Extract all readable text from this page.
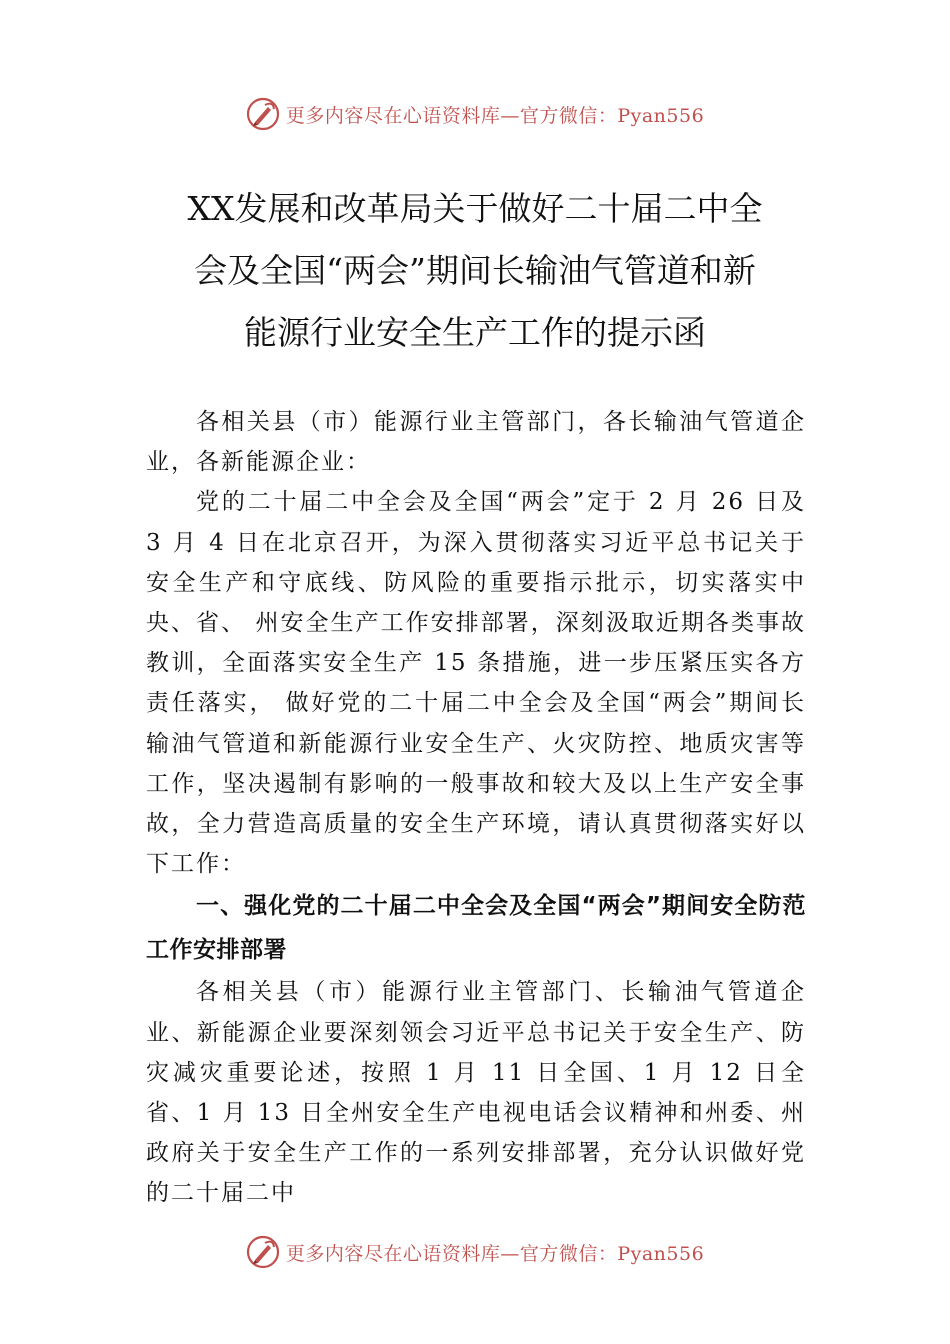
更多内容尽在心语资料库—官方微信：Pyan556
XX发展和改革局关于做好二十届二中全
会及全国“两会”期间长输油气管道和新
能源行业安全生产工作的提示函

各相关县（市）能源行业主管部门，各长输油气管道企业，各新能源企业：

党的二十届二中全会及全国“两会”定于 2 月 26 日及 3 月 4 日在北京召开，为深入贯彻落实习近平总书记关于安全生产和守底线、防风险的重要指示批示，切实落实中央、省、 州安全生产工作安排部署，深刻汲取近期各类事故教训，全面落实安全生产 15 条措施，进一步压紧压实各方责任落实， 做好党的二十届二中全会及全国“两会”期间长输油气管道和新能源行业安全生产、火灾防控、地质灾害等工作，坚决遏制有影响的一般事故和较大及以上生产安全事故，全力营造高质量的安全生产环境，请认真贯彻落实好以下工作：

一、强化党的二十届二中全会及全国“两会”期间安全防范工作安排部署

各相关县（市）能源行业主管部门、长输油气管道企业、新能源企业要深刻领会习近平总书记关于安全生产、防灾减灾重要论述，按照 1 月 11 日全国、1 月 12 日全省、1 月 13 日全州安全生产电视电话会议精神和州委、州政府关于安全生产工作的一系列安排部署，充分认识做好党的二十届二中

更多内容尽在心语资料库—官方微信：Pyan556
